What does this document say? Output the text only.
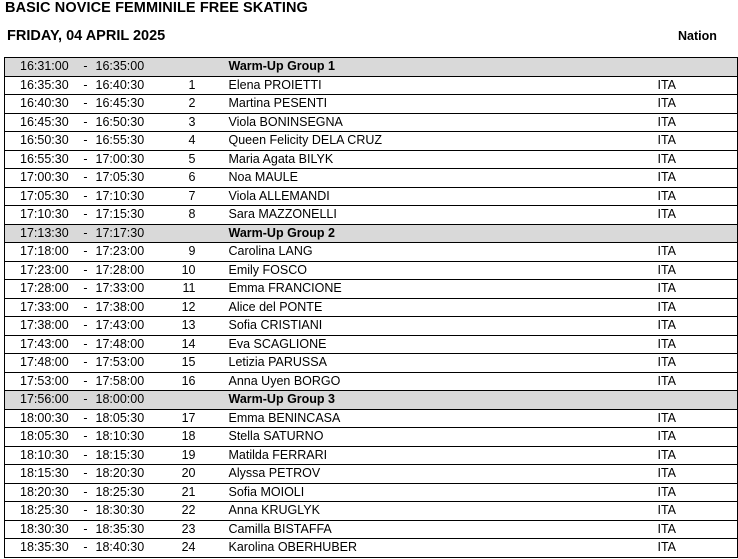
BASIC NOVICE FEMMINILE FREE SKATING
FRIDAY, 04 APRIL 2025	Nation
16:31:00	-	16:35:00		Warm-Up Group 1	
16:35:30	-	16:40:30	1	Elena PROIETTI	ITA
16:40:30	-	16:45:30	2	Martina PESENTI	ITA
16:45:30	-	16:50:30	3	Viola BONINSEGNA	ITA
16:50:30	-	16:55:30	4	Queen Felicity DELA CRUZ	ITA
16:55:30	-	17:00:30	5	Maria Agata BILYK	ITA
17:00:30	-	17:05:30	6	Noa MAULE	ITA
17:05:30	-	17:10:30	7	Viola ALLEMANDI	ITA
17:10:30	-	17:15:30	8	Sara MAZZONELLI	ITA
17:13:30	-	17:17:30		Warm-Up Group 2	
17:18:00	-	17:23:00	9	Carolina LANG	ITA
17:23:00	-	17:28:00	10	Emily FOSCO	ITA
17:28:00	-	17:33:00	11	Emma FRANCIONE	ITA
17:33:00	-	17:38:00	12	Alice del PONTE	ITA
17:38:00	-	17:43:00	13	Sofia CRISTIANI	ITA
17:43:00	-	17:48:00	14	Eva SCAGLIONE	ITA
17:48:00	-	17:53:00	15	Letizia PARUSSA	ITA
17:53:00	-	17:58:00	16	Anna Uyen BORGO	ITA
17:56:00	-	18:00:00		Warm-Up Group 3	
18:00:30	-	18:05:30	17	Emma BENINCASA	ITA
18:05:30	-	18:10:30	18	Stella SATURNO	ITA
18:10:30	-	18:15:30	19	Matilda FERRARI	ITA
18:15:30	-	18:20:30	20	Alyssa PETROV	ITA
18:20:30	-	18:25:30	21	Sofia MOIOLI	ITA
18:25:30	-	18:30:30	22	Anna KRUGLYK	ITA
18:30:30	-	18:35:30	23	Camilla BISTAFFA	ITA
18:35:30	-	18:40:30	24	Karolina OBERHUBER	ITA
